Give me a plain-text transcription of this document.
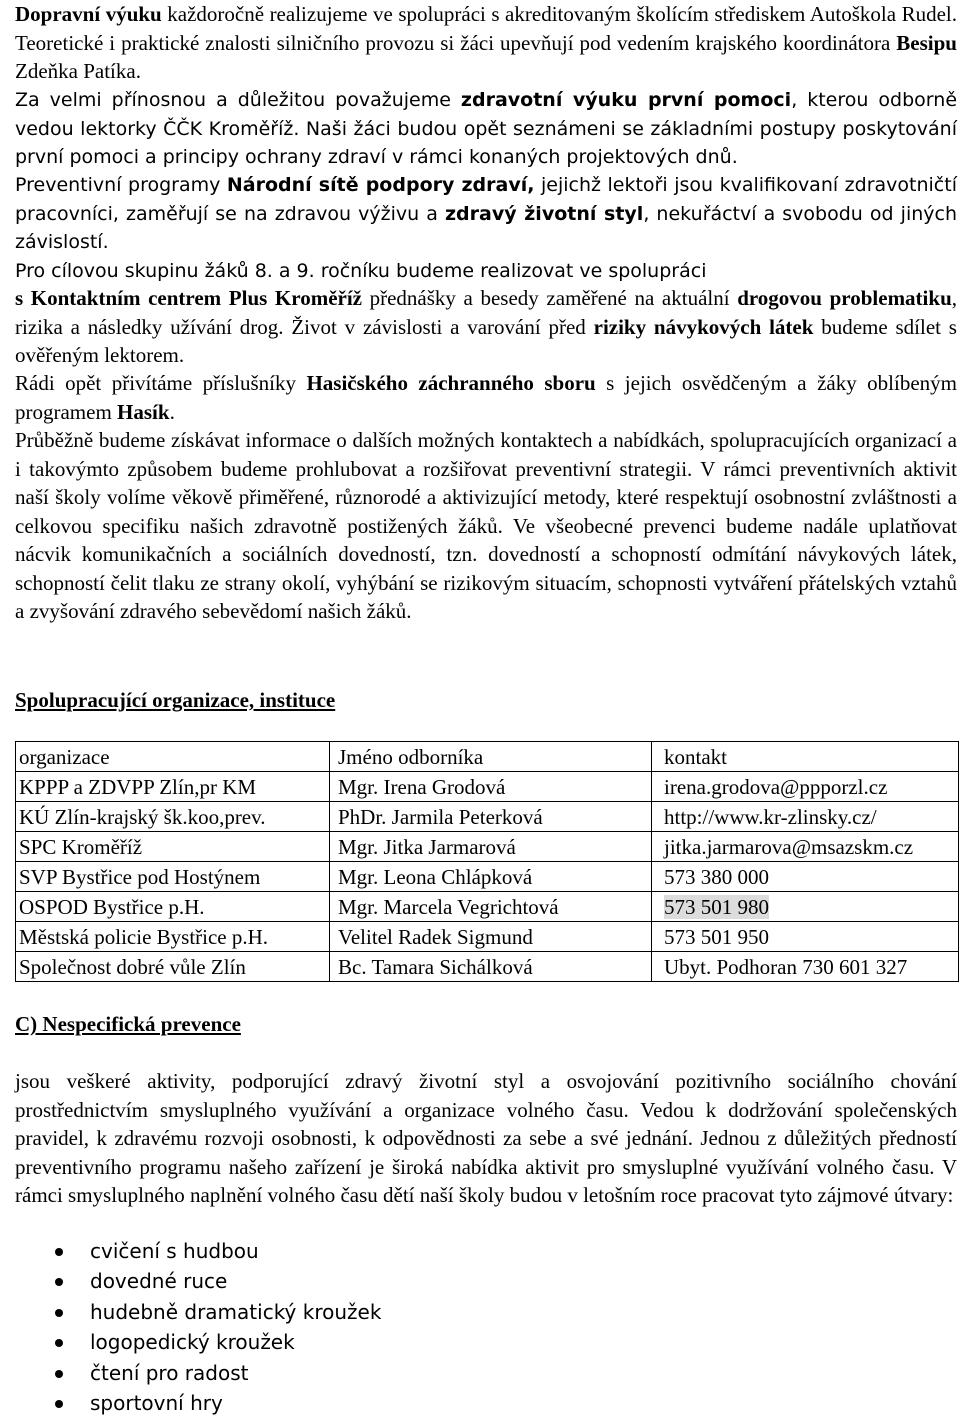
Dopravní výuku každoročně realizujeme ve spolupráci s akreditovaným školícím střediskem Autoškola Rudel. Teoretické i praktické znalosti silničního provozu si žáci upevňují pod vedením krajského koordinátora Besipu Zdeňka Patíka.

Za velmi přínosnou a důležitou považujeme zdravotní výuku první pomoci, kterou odborně vedou lektorky ČČK Kroměříž. Naši žáci budou opět seznámeni se základními postupy poskytování první pomoci a principy ochrany zdraví v rámci konaných projektových dnů.

Preventivní programy Národní sítě podpory zdraví, jejichž lektoři jsou kvalifikovaní zdravotničtí pracovníci, zaměřují se na zdravou výživu a zdravý životní styl, nekuřáctví a svobodu od jiných závislostí.
Pro cílovou skupinu žáků 8. a 9. ročníku budeme realizovat ve spolupráci

s Kontaktním centrem Plus Kroměříž přednášky a besedy zaměřené na aktuální drogovou problematiku, rizika a následky užívání drog. Život v závislosti a varování před riziky návykových látek budeme sdílet s ověřeným lektorem.

Rádi opět přivítáme příslušníky Hasičského záchranného sboru s jejich osvědčeným a žáky oblíbeným programem Hasík.

Průběžně budeme získávat informace o dalších možných kontaktech a nabídkách, spolupracujících organizací a i takovýmto způsobem budeme prohlubovat a rozšiřovat preventivní strategii. V rámci preventivních aktivit naší školy volíme věkově přiměřené, různorodé a aktivizující metody, které respektují osobnostní zvláštnosti a celkovou specifiku našich zdravotně postižených žáků. Ve všeobecné prevenci budeme nadále uplatňovat nácvik komunikačních a sociálních dovedností, tzn. dovedností a schopností odmítání návykových látek, schopností čelit tlaku ze strany okolí, vyhýbání se rizikovým situacím, schopnosti vytváření přátelských vztahů a zvyšování zdravého sebevědomí našich žáků.

Spolupracující organizace, instituce
organizace	Jméno odborníka	kontakt
KPPP a ZDVPP Zlín,pr KM	Mgr. Irena Grodová	irena.grodova@ppporzl.cz
KÚ Zlín-krajský šk.koo,prev.	PhDr. Jarmila Peterková	http://www.kr-zlinsky.cz/
SPC Kroměříž	Mgr. Jitka Jarmarová	jitka.jarmarova@msazskm.cz
SVP Bystřice pod Hostýnem	Mgr. Leona Chlápková	573 380 000
OSPOD Bystřice p.H.	Mgr. Marcela Vegrichtová	573 501 980
Městská policie Bystřice p.H.	Velitel Radek Sigmund	573 501 950
Společnost dobré vůle Zlín	Bc. Tamara Sichálková	Ubyt. Podhoran 730 601 327
C) Nespecifická prevence

jsou veškeré aktivity, podporující zdravý životní styl a osvojování pozitivního sociálního chování prostřednictvím smysluplného využívání a organizace volného času. Vedou k dodržování společenských pravidel, k zdravému rozvoji osobnosti, k odpovědnosti za sebe a své jednání. Jednou z důležitých předností preventivního programu našeho zařízení je široká nabídka aktivit pro smysluplné využívání volného času. V rámci smysluplného naplnění volného času dětí naší školy budou v letošním roce pracovat tyto zájmové útvary:

cvičení s hudbou
dovedné ruce
hudebně dramatický kroužek
logopedický kroužek
čtení pro radost
sportovní hry
